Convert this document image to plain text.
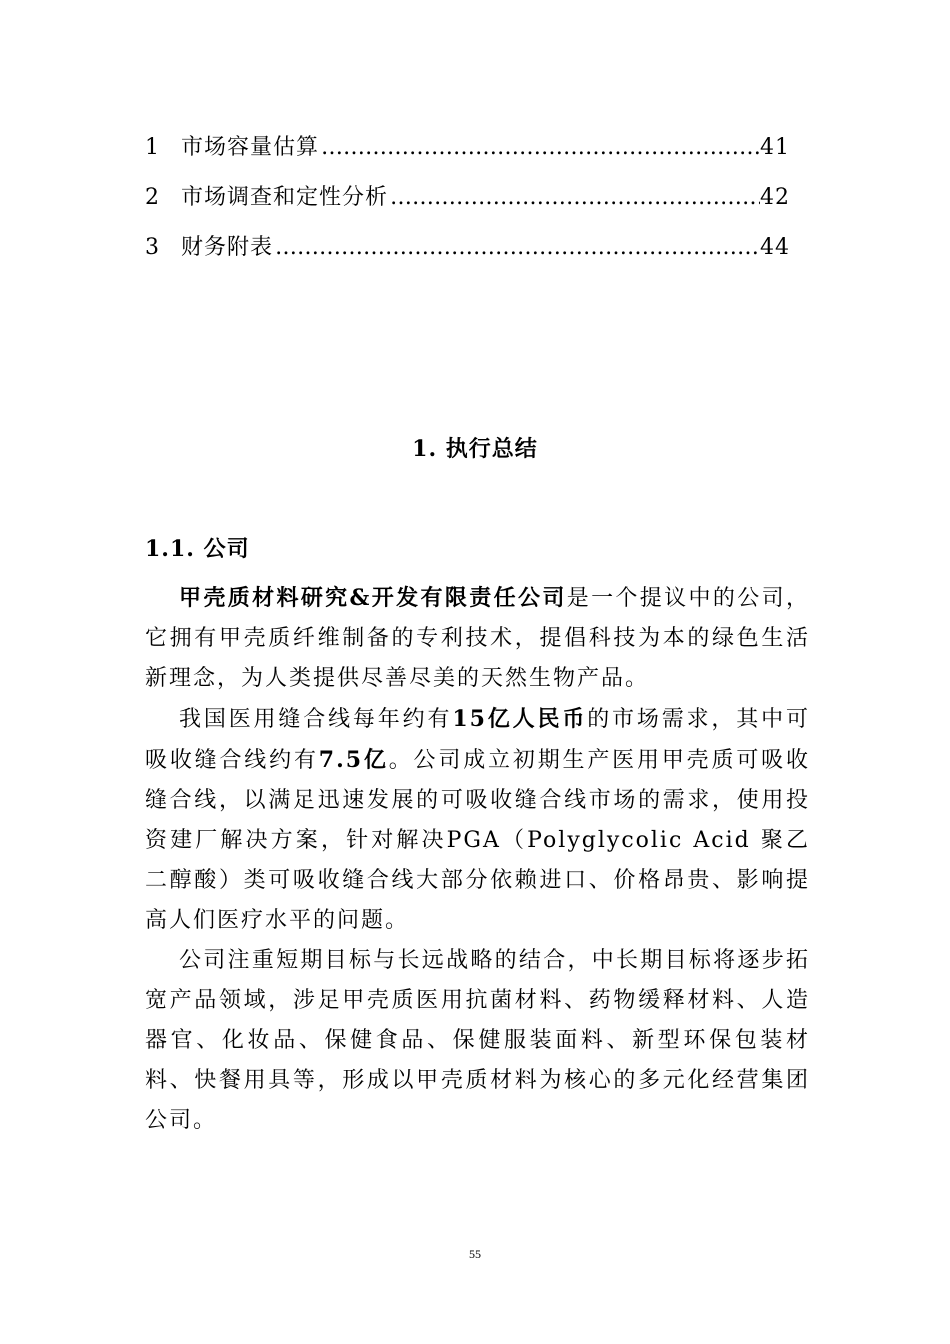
1 市场容量估算 ……………………………………………………………………………………………………………………	41
2 市场调查和定性分析 ……………………………………………………………………………………………………………………	42
3 财务附表 ……………………………………………………………………………………………………………………	44
1. 执行总结
1.1. 公司

甲壳质材料研究&开发有限责任公司是一个提议中的公司，它拥有甲壳质纤维制备的专利技术，提倡科技为本的绿色生活新理念，为人类提供尽善尽美的天然生物产品。

我国医用缝合线每年约有15亿人民币的市场需求，其中可吸收缝合线约有7.5亿。公司成立初期生产医用甲壳质可吸收缝合线，以满足迅速发展的可吸收缝合线市场的需求，使用投资建厂解决方案，针对解决PGA（Polyglycolic Acid 聚乙二醇酸）类可吸收缝合线大部分依赖进口、价格昂贵、影响提高人们医疗水平的问题。

公司注重短期目标与长远战略的结合，中长期目标将逐步拓宽产品领域，涉足甲壳质医用抗菌材料、药物缓释材料、人造器官、化妆品、保健食品、保健服装面料、新型环保包装材料、快餐用具等，形成以甲壳质材料为核心的多元化经营集团公司。

55
